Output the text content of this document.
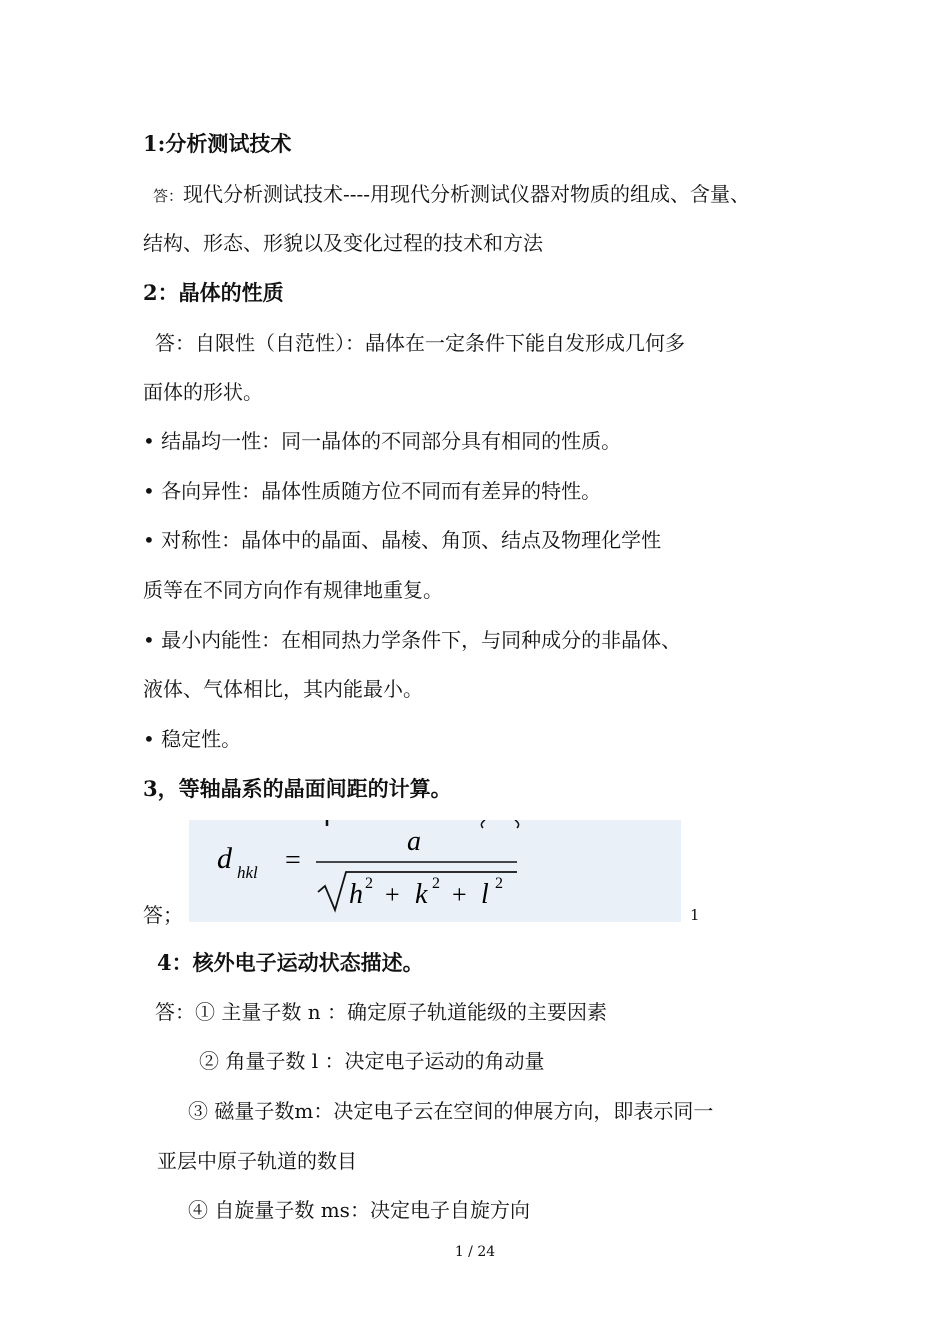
1:分析测试技术
答：现代分析测试技术----用现代分析测试仪器对物质的组成、含量、
结构、形态、形貌以及变化过程的技术和方法
2：晶体的性质
答：自限性（自范性）：晶体在一定条件下能自发形成几何多
面体的形状。
• 结晶均一性：同一晶体的不同部分具有相同的性质。
• 各向异性：晶体性质随方位不同而有差异的特性。
• 对称性：晶体中的晶面、晶棱、角顶、结点及物理化学性
质等在不同方向作有规律地重复。
• 最小内能性：在相同热力学条件下，与同种成分的非晶体、
液体、气体相比，其内能最小。
• 稳定性。
3，等轴晶系的晶面间距的计算。
答；
d hkl =
a
h 2 + k 2 + l 2
1
4：核外电子运动状态描述。
答：① 主量子数 n ：确定原子轨道能级的主要因素
② 角量子数 l ：决定电子运动的角动量
③ 磁量子数m：决定电子云在空间的伸展方向，即表示同一
亚层中原子轨道的数目
④ 自旋量子数 ms：决定电子自旋方向
1 / 24
